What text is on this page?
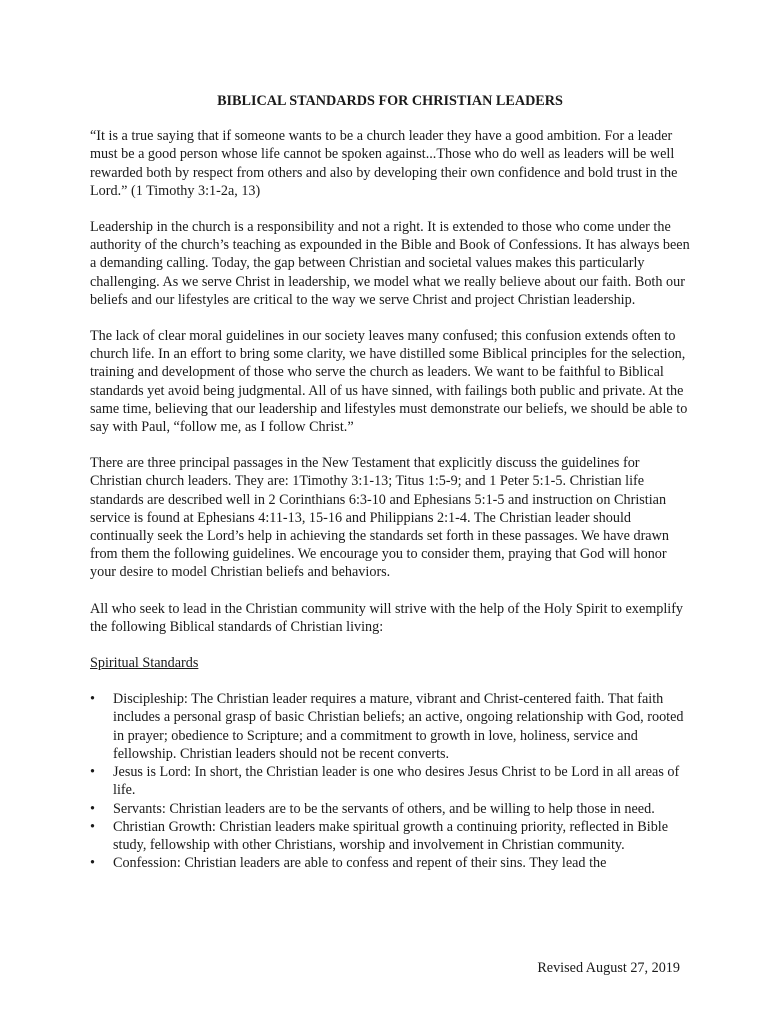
BIBLICAL STANDARDS FOR CHRISTIAN LEADERS

“It is a true saying that if someone wants to be a church leader they have a good ambition. For a leader must be a good person whose life cannot be spoken against...Those who do well as leaders will be well rewarded both by respect from others and also by developing their own confidence and bold trust in the Lord.” (1 Timothy 3:1-2a, 13)

Leadership in the church is a responsibility and not a right. It is extended to those who come under the authority of the church’s teaching as expounded in the Bible and Book of Confessions. It has always been a demanding calling. Today, the gap between Christian and societal values makes this particularly challenging. As we serve Christ in leadership, we model what we really believe about our faith. Both our beliefs and our lifestyles are critical to the way we serve Christ and project Christian leadership.

The lack of clear moral guidelines in our society leaves many confused; this confusion extends often to church life. In an effort to bring some clarity, we have distilled some Biblical principles for the selection, training and development of those who serve the church as leaders. We want to be faithful to Biblical standards yet avoid being judgmental. All of us have sinned, with failings both public and private. At the same time, believing that our leadership and lifestyles must demonstrate our beliefs, we should be able to say with Paul, “follow me, as I follow Christ.”

There are three principal passages in the New Testament that explicitly discuss the guidelines for Christian church leaders. They are: 1Timothy 3:1-13; Titus 1:5-9; and 1 Peter 5:1-5. Christian life standards are described well in 2 Corinthians 6:3-10 and Ephesians 5:1-5 and instruction on Christian service is found at Ephesians 4:11-13, 15-16 and Philippians 2:1-4. The Christian leader should continually seek the Lord’s help in achieving the standards set forth in these passages. We have drawn from them the following guidelines. We encourage you to consider them, praying that God will honor your desire to model Christian beliefs and behaviors.

All who seek to lead in the Christian community will strive with the help of the Holy Spirit to exemplify the following Biblical standards of Christian living:

Spiritual Standards
• Discipleship: The Christian leader requires a mature, vibrant and Christ-centered faith. That faith includes a personal grasp of basic Christian beliefs; an active, ongoing relationship with God, rooted in prayer; obedience to Scripture; and a commitment to growth in love, holiness, service and fellowship. Christian leaders should not be recent converts.
• Jesus is Lord: In short, the Christian leader is one who desires Jesus Christ to be Lord in all areas of life.
• Servants: Christian leaders are to be the servants of others, and be willing to help those in need.
• Christian Growth: Christian leaders make spiritual growth a continuing priority, reflected in Bible study, fellowship with other Christians, worship and involvement in Christian community.
• Confession: Christian leaders are able to confess and repent of their sins. They lead the
Revised August 27, 2019
